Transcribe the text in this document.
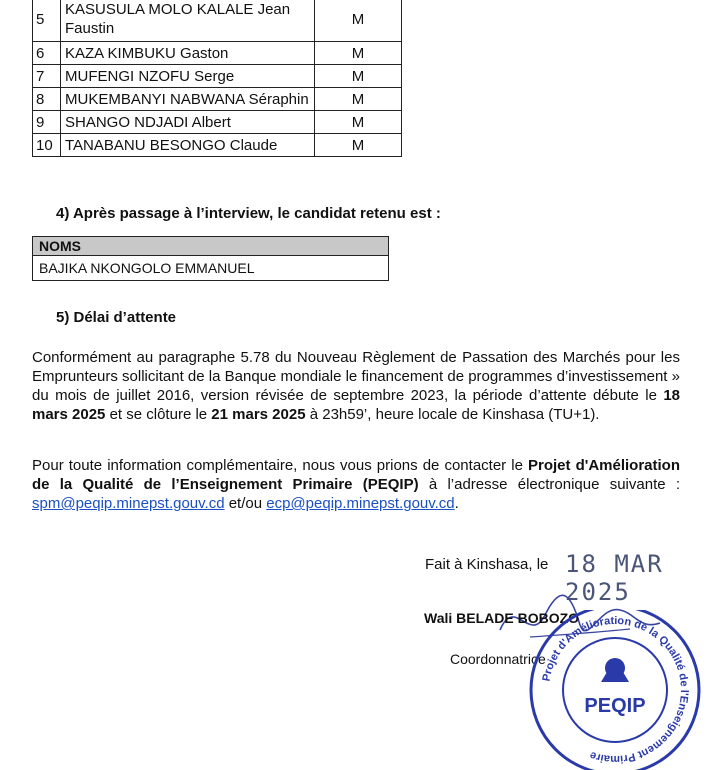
5	KASUSULA MOLO KALALE Jean Faustin	M
6	KAZA KIMBUKU Gaston	M
7	MUFENGI NZOFU Serge	M
8	MUKEMBANYI NABWANA Séraphin	M
9	SHANGO NDJADI Albert	M
10	TANABANU BESONGO Claude	M
4) Après passage à l’interview, le candidat retenu est :
NOMS
BAJIKA NKONGOLO EMMANUEL
5) Délai d’attente
Conformément au paragraphe 5.78 du Nouveau Règlement de Passation des Marchés pour les Emprunteurs sollicitant de la Banque mondiale le financement de programmes d’investissement » du mois de juillet 2016, version révisée de septembre 2023, la période d’attente débute le 18 mars 2025 et se clôture le 21 mars 2025 à 23h59’, heure locale de Kinshasa (TU+1).
Pour toute information complémentaire, nous vous prions de contacter le Projet d'Amélioration de la Qualité de l’Enseignement Primaire (PEQIP) à l’adresse électronique suivante : spm@peqip.minepst.gouv.cd et/ou ecp@peqip.minepst.gouv.cd.
Fait à Kinshasa, le 18 MAR 2025
Wali BELADE BOBOZO
Coordonnatrice
Projet d'Amélioration de la Qualité de l'Enseignement Primaire
PEQIP
